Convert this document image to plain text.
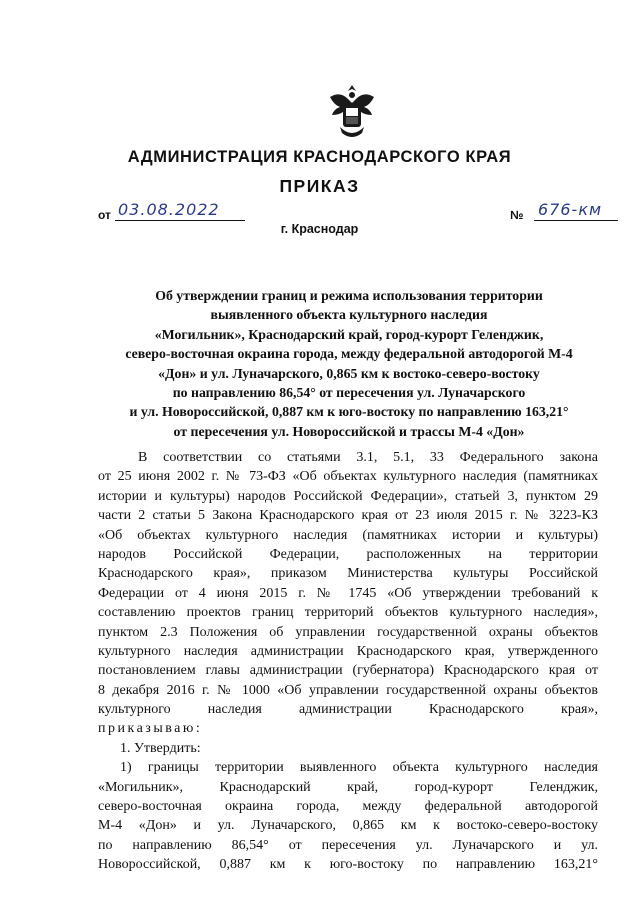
АДМИНИСТРАЦИЯ КРАСНОДАРСКОГО КРАЯ
ПРИКАЗ
от 03.08.2022	№ 676-км
г. Краснодар
Об утверждении границ и режима использования территории
выявленного объекта культурного наследия
«Могильник», Краснодарский край, город-курорт Геленджик,
северо-восточная окраина города, между федеральной автодорогой М-4
«Дон» и ул. Луначарского, 0,865 км к востоко-северо-востоку
по направлению 86,54° от пересечения ул. Луначарского
и ул. Новороссийской, 0,887 км к юго-востоку по направлению 163,21°
от пересечения ул. Новороссийской и трассы М-4 «Дон»
В соответствии со статьями 3.1, 5.1, 33 Федерального закона
от 25 июня 2002 г. № 73-ФЗ «Об объектах культурного наследия (памятниках
истории и культуры) народов Российской Федерации», статьей 3, пунктом 29
части 2 статьи 5 Закона Краснодарского края от 23 июля 2015 г. № 3223-КЗ
«Об объектах культурного наследия (памятниках истории и культуры)
народов Российской Федерации, расположенных на территории
Краснодарского края», приказом Министерства культуры Российской
Федерации от 4 июня 2015 г. № 1745 «Об утверждении требований к
составлению проектов границ территорий объектов культурного наследия»,
пунктом 2.3 Положения об управлении государственной охраны объектов
культурного наследия администрации Краснодарского края, утвержденного
постановлением главы администрации (губернатора) Краснодарского края от
8 декабря 2016 г. № 1000 «Об управлении государственной охраны объектов
культурного наследия администрации Краснодарского края»,
приказываю:
1. Утвердить:
1) границы территории выявленного объекта культурного наследия
«Могильник», Краснодарский край, город-курорт Геленджик,
северо-восточная окраина города, между федеральной автодорогой
М-4 «Дон» и ул. Луначарского, 0,865 км к востоко-северо-востоку
по направлению 86,54° от пересечения ул. Луначарского и ул.
Новороссийской, 0,887 км к юго-востоку по направлению 163,21°
